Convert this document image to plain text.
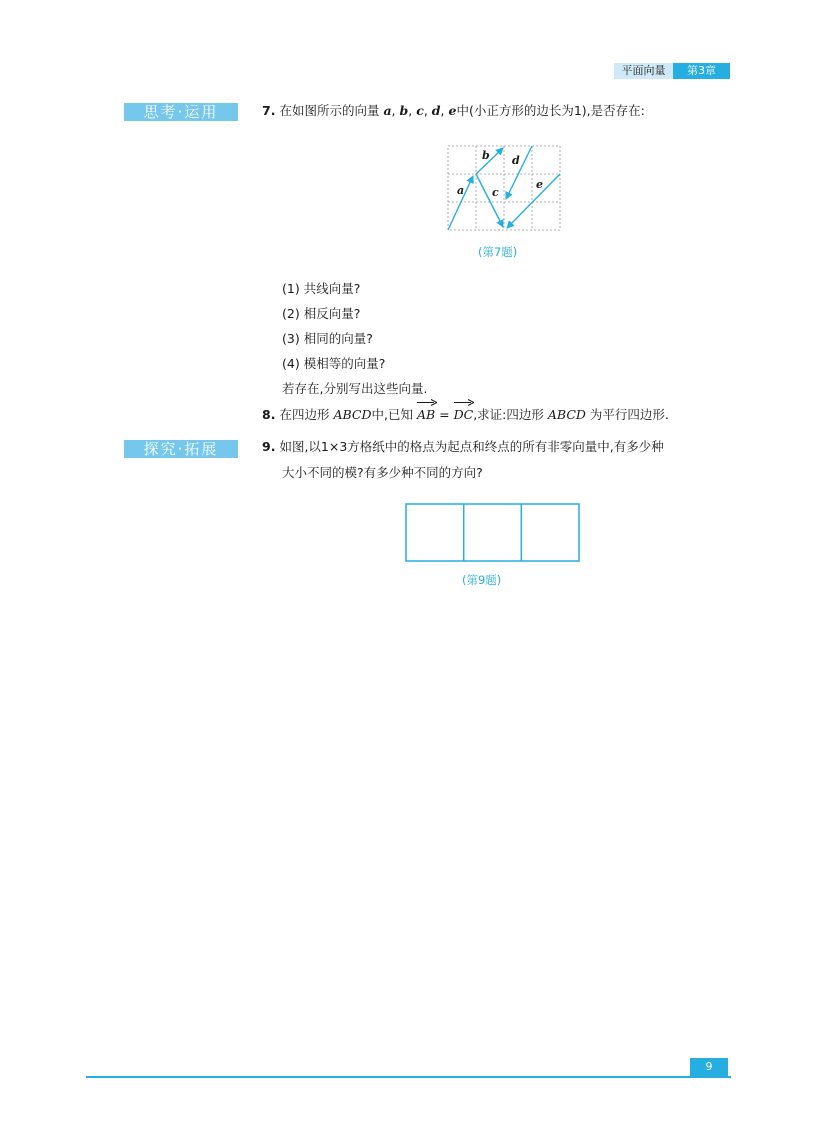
平面向量	第3章
思考·运用
探究·拓展
7. 在如图所示的向量 a, b, c, d, e中(小正方形的边长为1),是否存在:
a
b
c
d
e
(第7题)
(1) 共线向量?
(2) 相反向量?
(3) 相同的向量?
(4) 模相等的向量?
若存在,分别写出这些向量.
8. 在四边形 ABCD中,已知 AB = DC,求证:四边形 ABCD 为平行四边形.
9. 如图,以1×3方格纸中的格点为起点和终点的所有非零向量中,有多少种
大小不同的模?有多少种不同的方向?
(第9题)
9
